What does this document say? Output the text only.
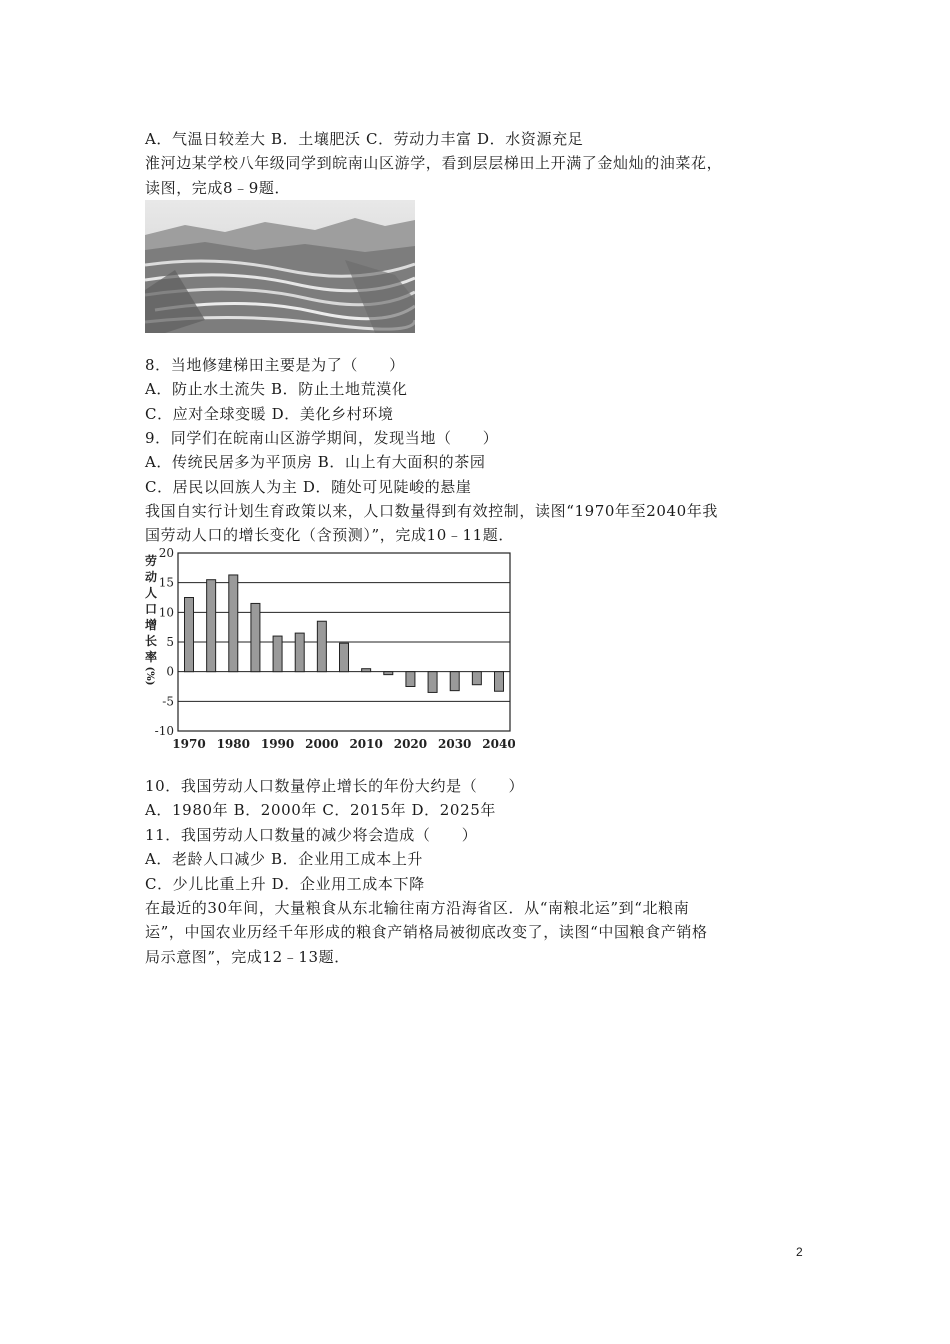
A．气温日较差大 B．土壤肥沃 C．劳动力丰富 D．水资源充足
淮河边某学校八年级同学到皖南山区游学，看到层层梯田上开满了金灿灿的油菜花，
读图，完成8﹣9题．
8．当地修建梯田主要是为了（　　）
A．防止水土流失 B．防止土地荒漠化
C．应对全球变暖 D．美化乡村环境
9．同学们在皖南山区游学期间，发现当地（　　）
A．传统民居多为平顶房 B．山上有大面积的茶园
C．居民以回族人为主 D．随处可见陡峻的悬崖
我国自实行计划生育政策以来，人口数量得到有效控制，读图“1970年至2040年我
国劳动人口的增长变化（含预测）”，完成10﹣11题．
10．我国劳动人口数量停止增长的年份大约是（　　）
A．1980年 B．2000年 C．2015年 D．2025年
11．我国劳动人口数量的减少将会造成（　　）
A．老龄人口减少 B．企业用工成本上升
C．少儿比重上升 D．企业用工成本下降
在最近的30年间，大量粮食从东北输往南方沿海省区．从“南粮北运”到“北粮南
运”，中国农业历经千年形成的粮食产销格局被彻底改变了，读图“中国粮食产销格
局示意图”，完成12﹣13题．
20
15
10
5
0
-5
-10
1970 1980 1990 2000 2010 2020 2030 2040
劳
动
人
口
增
长
率
(%)
2
